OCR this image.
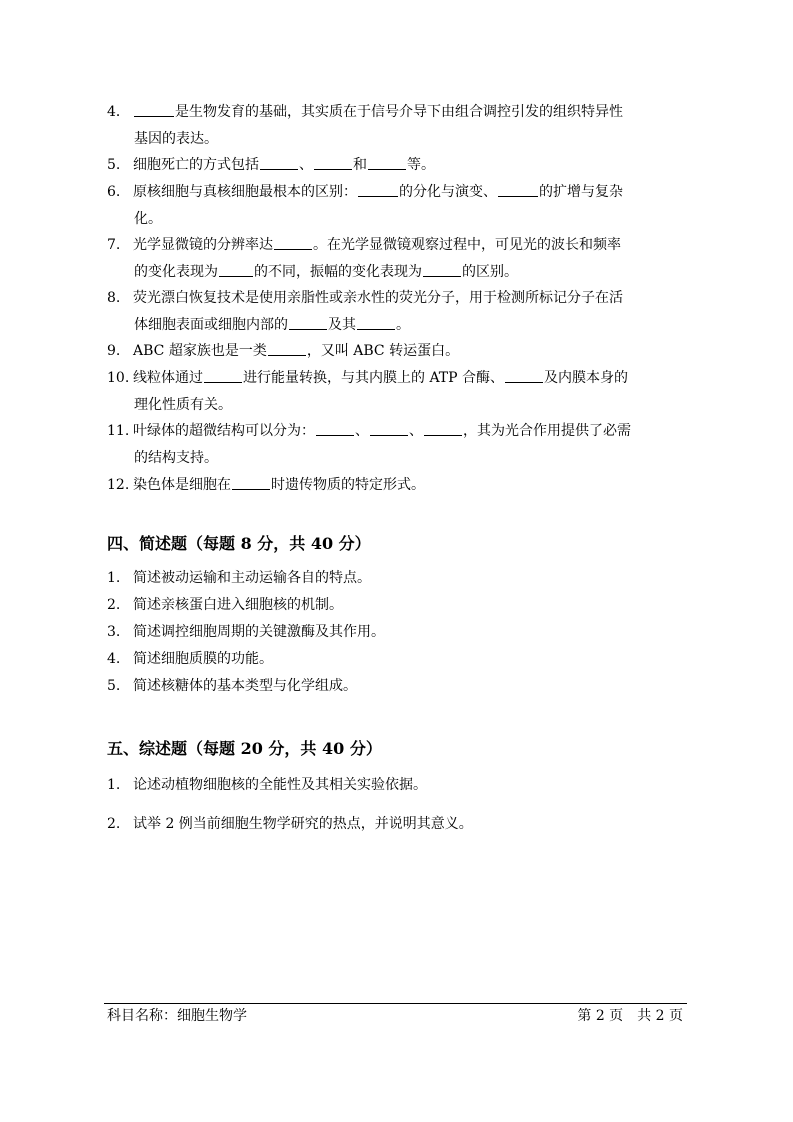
4．	是生物发育的基础，其实质在于信号介导下由组合调控引发的组织特异性
基因的表达。
5. 细胞死亡的方式包括	、	和	等。
6. 原核细胞与真核细胞最根本的区别：	的分化与演变、	的扩增与复杂
化。
7. 光学显微镜的分辨率达	。在光学显微镜观察过程中，可见光的波长和频率
的变化表现为	的不同，振幅的变化表现为	的区别。
8. 荧光漂白恢复技术是使用亲脂性或亲水性的荧光分子，用于检测所标记分子在活
体细胞表面或细胞内部的	及其	。
9. ABC 超家族也是一类	，又叫 ABC 转运蛋白。
10. 线粒体通过	进行能量转换，与其内膜上的 ATP 合酶、	及内膜本身的
理化性质有关。
11. 叶绿体的超微结构可以分为：	、	、	，其为光合作用提供了必需
的结构支持。
12. 染色体是细胞在	时遗传物质的特定形式。
四、简述题（每题 8 分，共 40 分）
1. 简述被动运输和主动运输各自的特点。
2. 简述亲核蛋白进入细胞核的机制。
3. 简述调控细胞周期的关键激酶及其作用。
4. 简述细胞质膜的功能。
5. 简述核糖体的基本类型与化学组成。
五、综述题（每题 20 分，共 40 分）
1. 论述动植物细胞核的全能性及其相关实验依据。
2. 试举 2 例当前细胞生物学研究的热点，并说明其意义。
科目名称：细胞生物学	第 2 页 共 2 页
